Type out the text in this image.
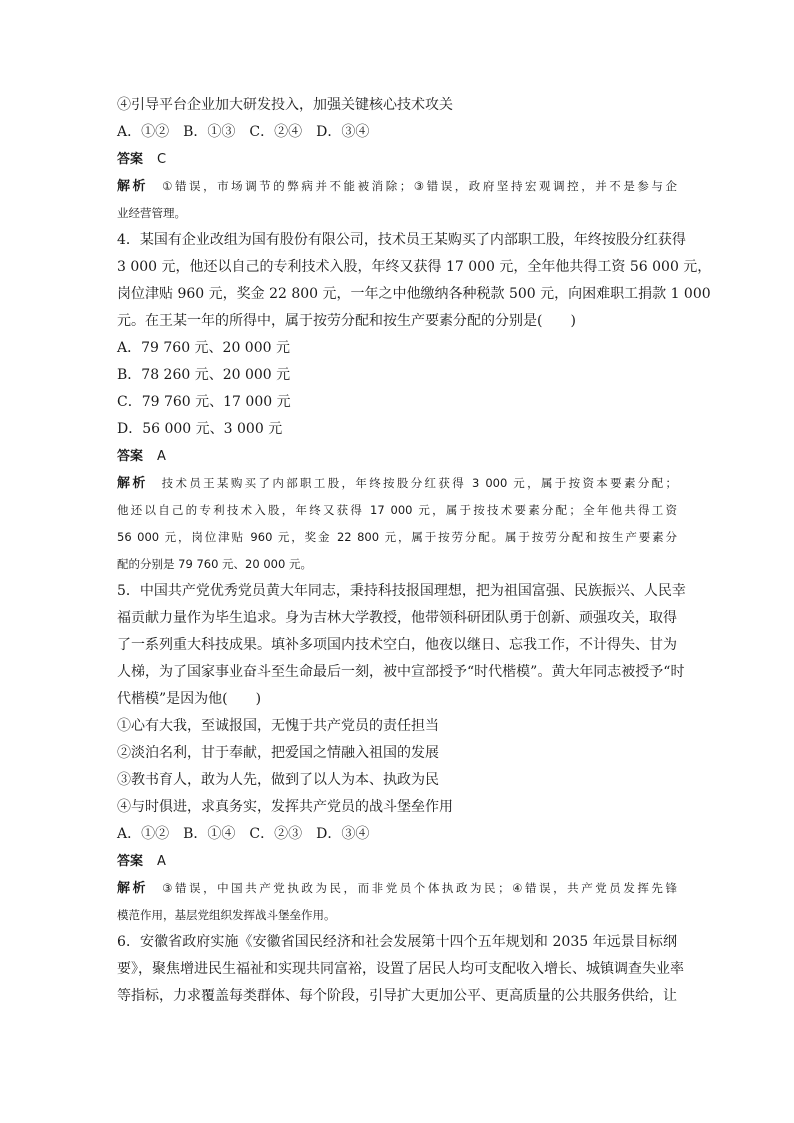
④引导平台企业加大研发投入，加强关键核心技术攻关
A．①②　B．①③　C．②④　D．③④
答案 C
解析 ①错误，市场调节的弊病并不能被消除；③错误，政府坚持宏观调控，并不是参与企
业经营管理。
4．某国有企业改组为国有股份有限公司，技术员王某购买了内部职工股，年终按股分红获得
3 000 元，他还以自己的专利技术入股，年终又获得 17 000 元，全年他共得工资 56 000 元，
岗位津贴 960 元，奖金 22 800 元，一年之中他缴纳各种税款 500 元，向困难职工捐款 1 000
元。在王某一年的所得中，属于按劳分配和按生产要素分配的分别是(　　)
A．79 760 元、20 000 元
B．78 260 元、20 000 元
C．79 760 元、17 000 元
D．56 000 元、3 000 元
答案 A
解析 技术员王某购买了内部职工股，年终按股分红获得 3 000 元，属于按资本要素分配；
他还以自己的专利技术入股，年终又获得 17 000 元，属于按技术要素分配；全年他共得工资
56 000 元，岗位津贴 960 元，奖金 22 800 元，属于按劳分配。属于按劳分配和按生产要素分
配的分别是 79 760 元、20 000 元。
5．中国共产党优秀党员黄大年同志，秉持科技报国理想，把为祖国富强、民族振兴、人民幸
福贡献力量作为毕生追求。身为吉林大学教授，他带领科研团队勇于创新、顽强攻关，取得
了一系列重大科技成果。填补多项国内技术空白，他夜以继日、忘我工作，不计得失、甘为
人梯，为了国家事业奋斗至生命最后一刻，被中宣部授予“时代楷模”。黄大年同志被授予“时
代楷模”是因为他(　　)
①心有大我，至诚报国，无愧于共产党员的责任担当
②淡泊名利，甘于奉献，把爱国之情融入祖国的发展
③教书育人，敢为人先，做到了以人为本、执政为民
④与时俱进，求真务实，发挥共产党员的战斗堡垒作用
A．①②　B．①④　C．②③　D．③④
答案 A
解析 ③错误，中国共产党执政为民，而非党员个体执政为民；④错误，共产党员发挥先锋
模范作用，基层党组织发挥战斗堡垒作用。
6．安徽省政府实施《安徽省国民经济和社会发展第十四个五年规划和 2035 年远景目标纲
要》，聚焦增进民生福祉和实现共同富裕，设置了居民人均可支配收入增长、城镇调查失业率
等指标，力求覆盖每类群体、每个阶段，引导扩大更加公平、更高质量的公共服务供给，让
